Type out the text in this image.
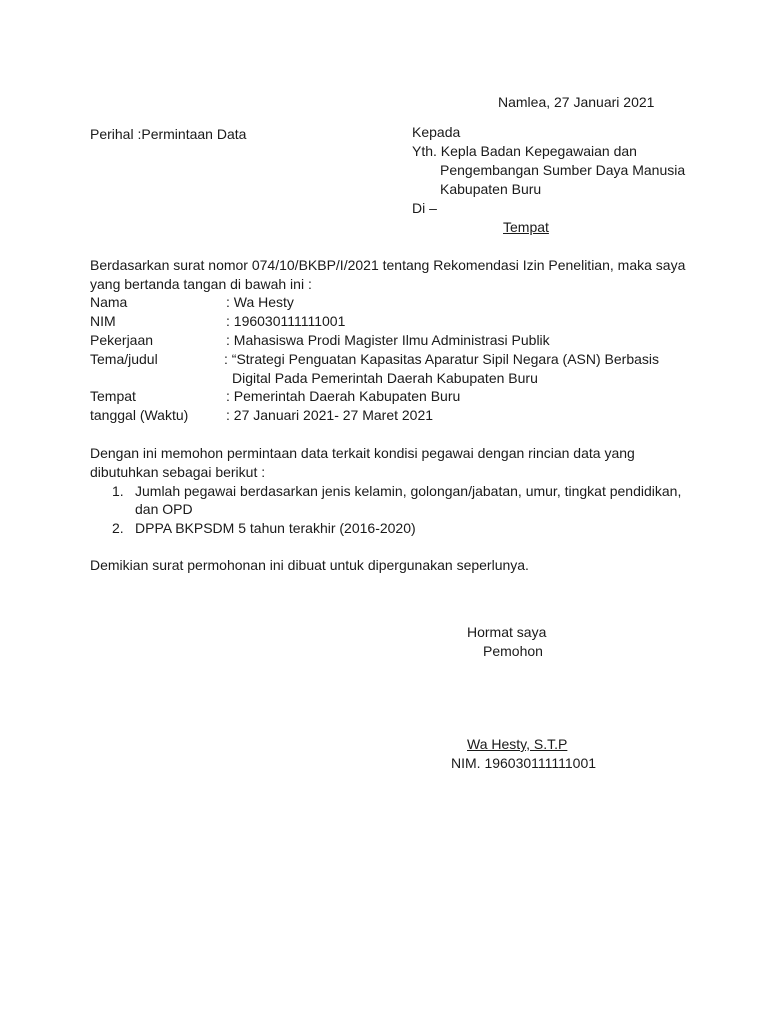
Namlea, 27 Januari 2021
Perihal :Permintaan Data	Kepada
Yth. Kepla Badan Kepegawaian dan
Pengembangan Sumber Daya Manusia
Kabupaten Buru
Di –
Tempat
Berdasarkan surat nomor 074/10/BKBP/I/2021 tentang Rekomendasi Izin Penelitian, maka saya
yang bertanda tangan di bawah ini :
Nama	: Wa Hesty
NIM	: 196030111111001
Pekerjaan	: Mahasiswa Prodi Magister Ilmu Administrasi Publik
Tema/judul	: “Strategi Penguatan Kapasitas Aparatur Sipil Negara (ASN) Berbasis
Digital Pada Pemerintah Daerah Kabupaten Buru
Tempat	: Pemerintah Daerah Kabupaten Buru
tanggal (Waktu)	: 27 Januari 2021- 27 Maret 2021
Dengan ini memohon permintaan data terkait kondisi pegawai dengan rincian data yang
dibutuhkan sebagai berikut :
1. Jumlah pegawai berdasarkan jenis kelamin, golongan/jabatan, umur, tingkat pendidikan,
dan OPD
2. DPPA BKPSDM 5 tahun terakhir (2016-2020)
Demikian surat permohonan ini dibuat untuk dipergunakan seperlunya.
Hormat saya
Pemohon
Wa Hesty, S.T.P
NIM. 196030111111001
